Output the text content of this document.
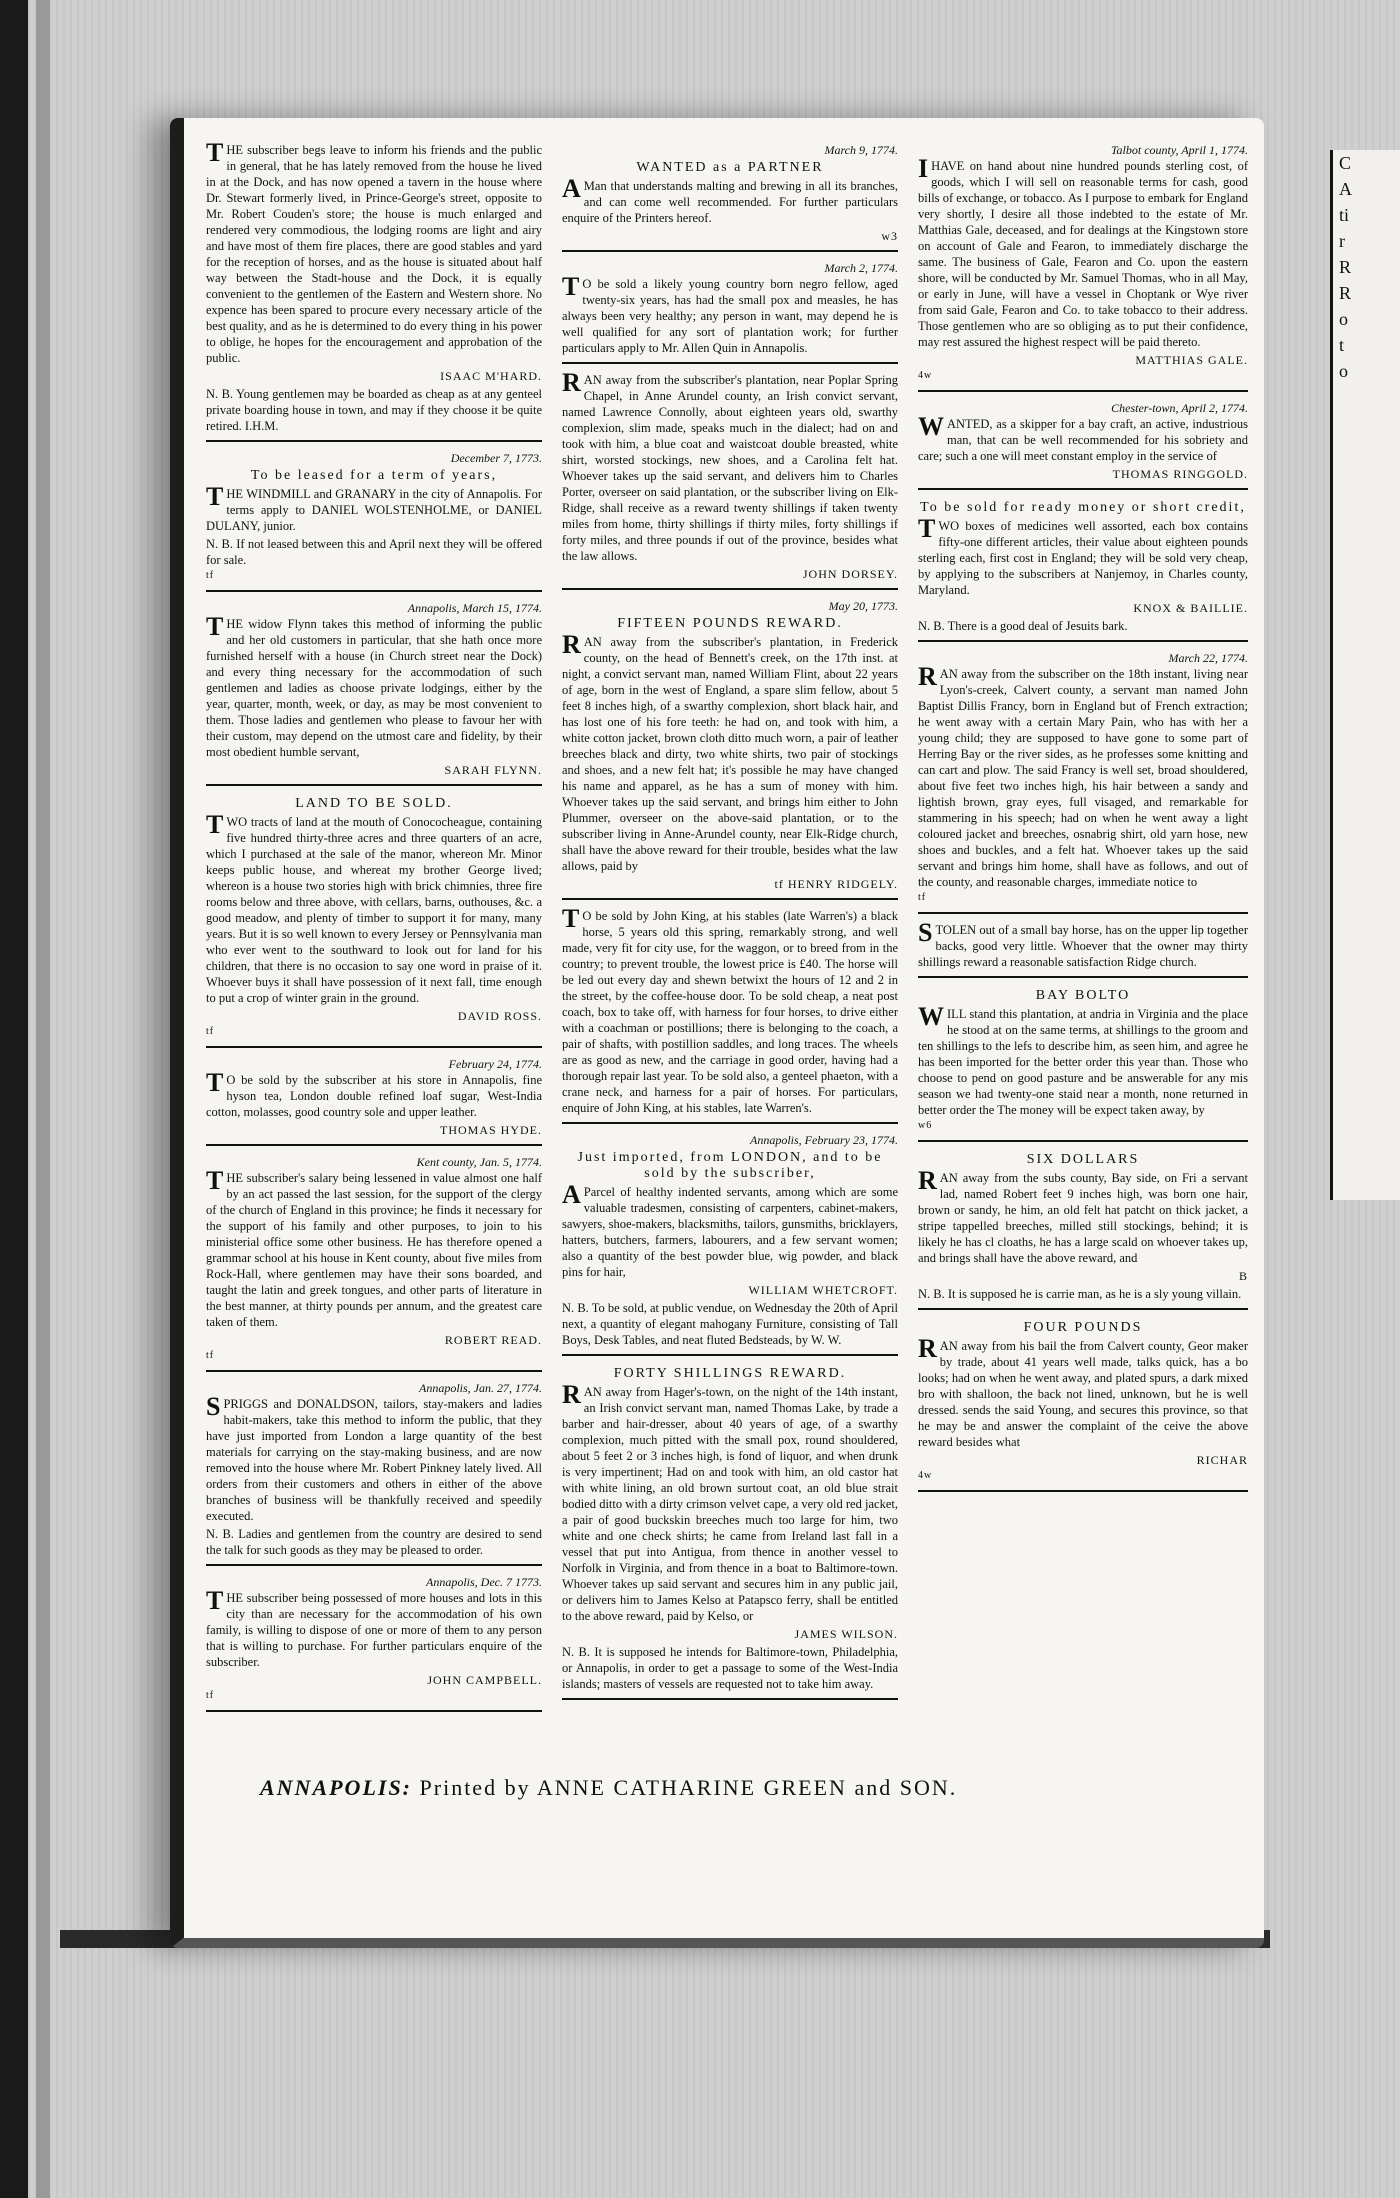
C
A
ti
r
R
R
o
t
o
THE subscriber begs leave to inform his friends and the public in general, that he has lately removed from the house he lived in at the Dock, and has now opened a tavern in the house where Dr. Stewart formerly lived, in Prince-George's street, opposite to Mr. Robert Couden's store; the house is much enlarged and rendered very commodious, the lodging rooms are light and airy and have most of them fire places, there are good stables and yard for the reception of horses, and as the house is situated about half way between the Stadt-house and the Dock, it is equally convenient to the gentlemen of the Eastern and Western shore. No expence has been spared to procure every necessary article of the best quality, and as he is determined to do every thing in his power to oblige, he hopes for the encouragement and approbation of the public.
ISAAC M'HARD.
N. B. Young gentlemen may be boarded as cheap as at any genteel private boarding house in town, and may if they choose it be quite retired. I.H.M.
December 7, 1773.
To be leased for a term of years,
THE WINDMILL and GRANARY in the city of Annapolis. For terms apply to DANIEL WOLSTENHOLME, or DANIEL DULANY, junior.
N. B. If not leased between this and April next they will be offered for sale.
tf
Annapolis, March 15, 1774.
THE widow Flynn takes this method of informing the public and her old customers in particular, that she hath once more furnished herself with a house (in Church street near the Dock) and every thing necessary for the accommodation of such gentlemen and ladies as choose private lodgings, either by the year, quarter, month, week, or day, as may be most convenient to them. Those ladies and gentlemen who please to favour her with their custom, may depend on the utmost care and fidelity, by their most obedient humble servant,
SARAH FLYNN.
LAND TO BE SOLD.
TWO tracts of land at the mouth of Conococheague, containing five hundred thirty-three acres and three quarters of an acre, which I purchased at the sale of the manor, whereon Mr. Minor keeps public house, and whereat my brother George lived; whereon is a house two stories high with brick chimnies, three fire rooms below and three above, with cellars, barns, outhouses, &c. a good meadow, and plenty of timber to support it for many, many years. But it is so well known to every Jersey or Pennsylvania man who ever went to the southward to look out for land for his children, that there is no occasion to say one word in praise of it. Whoever buys it shall have possession of it next fall, time enough to put a crop of winter grain in the ground.
DAVID ROSS.
tf
February 24, 1774.
TO be sold by the subscriber at his store in Annapolis, fine hyson tea, London double refined loaf sugar, West-India cotton, molasses, good country sole and upper leather.
THOMAS HYDE.
Kent county, Jan. 5, 1774.
THE subscriber's salary being lessened in value almost one half by an act passed the last session, for the support of the clergy of the church of England in this province; he finds it necessary for the support of his family and other purposes, to join to his ministerial office some other business. He has therefore opened a grammar school at his house in Kent county, about five miles from Rock-Hall, where gentlemen may have their sons boarded, and taught the latin and greek tongues, and other parts of literature in the best manner, at thirty pounds per annum, and the greatest care taken of them.
ROBERT READ.
tf
Annapolis, Jan. 27, 1774.
SPRIGGS and DONALDSON, tailors, stay-makers and ladies habit-makers, take this method to inform the public, that they have just imported from London a large quantity of the best materials for carrying on the stay-making business, and are now removed into the house where Mr. Robert Pinkney lately lived. All orders from their customers and others in either of the above branches of business will be thankfully received and speedily executed.
N. B. Ladies and gentlemen from the country are desired to send the talk for such goods as they may be pleased to order.
Annapolis, Dec. 7 1773.
THE subscriber being possessed of more houses and lots in this city than are necessary for the accommodation of his own family, is willing to dispose of one or more of them to any person that is willing to purchase. For further particulars enquire of the subscriber.
JOHN CAMPBELL.
tf
March 9, 1774.
WANTED as a PARTNER
AMan that understands malting and brewing in all its branches, and can come well recommended. For further particulars enquire of the Printers hereof.
w3
March 2, 1774.
TO be sold a likely young country born negro fellow, aged twenty-six years, has had the small pox and measles, he has always been very healthy; any person in want, may depend he is well qualified for any sort of plantation work; for further particulars apply to Mr. Allen Quin in Annapolis.
RAN away from the subscriber's plantation, near Poplar Spring Chapel, in Anne Arundel county, an Irish convict servant, named Lawrence Connolly, about eighteen years old, swarthy complexion, slim made, speaks much in the dialect; had on and took with him, a blue coat and waistcoat double breasted, white shirt, worsted stockings, new shoes, and a Carolina felt hat. Whoever takes up the said servant, and delivers him to Charles Porter, overseer on said plantation, or the subscriber living on Elk-Ridge, shall receive as a reward twenty shillings if taken twenty miles from home, thirty shillings if thirty miles, forty shillings if forty miles, and three pounds if out of the province, besides what the law allows.
JOHN DORSEY.
May 20, 1773.
FIFTEEN POUNDS REWARD.
RAN away from the subscriber's plantation, in Frederick county, on the head of Bennett's creek, on the 17th inst. at night, a convict servant man, named William Flint, about 22 years of age, born in the west of England, a spare slim fellow, about 5 feet 8 inches high, of a swarthy complexion, short black hair, and has lost one of his fore teeth: he had on, and took with him, a white cotton jacket, brown cloth ditto much worn, a pair of leather breeches black and dirty, two white shirts, two pair of stockings and shoes, and a new felt hat; it's possible he may have changed his name and apparel, as he has a sum of money with him. Whoever takes up the said servant, and brings him either to John Plummer, overseer on the above-said plantation, or to the subscriber living in Anne-Arundel county, near Elk-Ridge church, shall have the above reward for their trouble, besides what the law allows, paid by
tf HENRY RIDGELY.
TO be sold by John King, at his stables (late Warren's) a black horse, 5 years old this spring, remarkably strong, and well made, very fit for city use, for the waggon, or to breed from in the country; to prevent trouble, the lowest price is £40. The horse will be led out every day and shewn betwixt the hours of 12 and 2 in the street, by the coffee-house door. To be sold cheap, a neat post coach, box to take off, with harness for four horses, to drive either with a coachman or postillions; there is belonging to the coach, a pair of shafts, with postillion saddles, and long traces. The wheels are as good as new, and the carriage in good order, having had a thorough repair last year. To be sold also, a genteel phaeton, with a crane neck, and harness for a pair of horses. For particulars, enquire of John King, at his stables, late Warren's.
Annapolis, February 23, 1774.
Just imported, from LONDON, and to be sold by the subscriber,
AParcel of healthy indented servants, among which are some valuable tradesmen, consisting of carpenters, cabinet-makers, sawyers, shoe-makers, blacksmiths, tailors, gunsmiths, bricklayers, hatters, butchers, farmers, labourers, and a few servant women; also a quantity of the best powder blue, wig powder, and black pins for hair,
WILLIAM WHETCROFT.
N. B. To be sold, at public vendue, on Wednesday the 20th of April next, a quantity of elegant mahogany Furniture, consisting of Tall Boys, Desk Tables, and neat fluted Bedsteads, by W. W.
FORTY SHILLINGS REWARD.
RAN away from Hager's-town, on the night of the 14th instant, an Irish convict servant man, named Thomas Lake, by trade a barber and hair-dresser, about 40 years of age, of a swarthy complexion, much pitted with the small pox, round shouldered, about 5 feet 2 or 3 inches high, is fond of liquor, and when drunk is very impertinent; Had on and took with him, an old castor hat with white lining, an old brown surtout coat, an old blue strait bodied ditto with a dirty crimson velvet cape, a very old red jacket, a pair of good buckskin breeches much too large for him, two white and one check shirts; he came from Ireland last fall in a vessel that put into Antigua, from thence in another vessel to Norfolk in Virginia, and from thence in a boat to Baltimore-town. Whoever takes up said servant and secures him in any public jail, or delivers him to James Kelso at Patapsco ferry, shall be entitled to the above reward, paid by Kelso, or
JAMES WILSON.
N. B. It is supposed he intends for Baltimore-town, Philadelphia, or Annapolis, in order to get a passage to some of the West-India islands; masters of vessels are requested not to take him away.
Talbot county, April 1, 1774.
IHAVE on hand about nine hundred pounds sterling cost, of goods, which I will sell on reasonable terms for cash, good bills of exchange, or tobacco. As I purpose to embark for England very shortly, I desire all those indebted to the estate of Mr. Matthias Gale, deceased, and for dealings at the Kingstown store on account of Gale and Fearon, to immediately discharge the same. The business of Gale, Fearon and Co. upon the eastern shore, will be conducted by Mr. Samuel Thomas, who in all May, or early in June, will have a vessel in Choptank or Wye river from said Gale, Fearon and Co. to take tobacco to their address. Those gentlemen who are so obliging as to put their confidence, may rest assured the highest respect will be paid thereto.
MATTHIAS GALE.
4w
Chester-town, April 2, 1774.
WANTED, as a skipper for a bay craft, an active, industrious man, that can be well recommended for his sobriety and care; such a one will meet constant employ in the service of
THOMAS RINGGOLD.
To be sold for ready money or short credit,
TWO boxes of medicines well assorted, each box contains fifty-one different articles, their value about eighteen pounds sterling each, first cost in England; they will be sold very cheap, by applying to the subscribers at Nanjemoy, in Charles county, Maryland.
KNOX & BAILLIE.
N. B. There is a good deal of Jesuits bark.
March 22, 1774.
RAN away from the subscriber on the 18th instant, living near Lyon's-creek, Calvert county, a servant man named John Baptist Dillis Francy, born in England but of French extraction; he went away with a certain Mary Pain, who has with her a young child; they are supposed to have gone to some part of Herring Bay or the river sides, as he professes some knitting and can cart and plow. The said Francy is well set, broad shouldered, about five feet two inches high, his hair between a sandy and lightish brown, gray eyes, full visaged, and remarkable for stammering in his speech; had on when he went away a light coloured jacket and breeches, osnabrig shirt, old yarn hose, new shoes and buckles, and a felt hat. Whoever takes up the said servant and brings him home, shall have as follows, and out of the county, and reasonable charges, immediate notice to
tf
STOLEN out of a small bay horse, has on the upper lip together backs, good very little. Whoever that the owner may thirty shillings reward a reasonable satisfaction Ridge church.
BAY BOLTO
WILL stand this plantation, at andria in Virginia and the place he stood at on the same terms, at shillings to the groom and ten shillings to the lefs to describe him, as seen him, and agree he has been imported for the better order this year than. Those who choose to pend on good pasture and be answerable for any mis season we had twenty-one staid near a month, none returned in better order the The money will be expect taken away, by
w6
SIX DOLLARS
RAN away from the subs county, Bay side, on Fri a servant lad, named Robert feet 9 inches high, was born one hair, brown or sandy, he him, an old felt hat patcht on thick jacket, a stripe tappelled breeches, milled still stockings, behind; it is likely he has cl cloaths, he has a large scald on whoever takes up, and brings shall have the above reward, and
B
N. B. It is supposed he is carrie man, as he is a sly young villain.
FOUR POUNDS
RAN away from his bail the from Calvert county, Geor maker by trade, about 41 years well made, talks quick, has a bo looks; had on when he went away, and plated spurs, a dark mixed bro with shalloon, the back not lined, unknown, but he is well dressed. sends the said Young, and secures this province, so that he may be and answer the complaint of the ceive the above reward besides what
RICHAR
4w
ANNAPOLIS: Printed by ANNE CATHARINE GREEN and SON.
